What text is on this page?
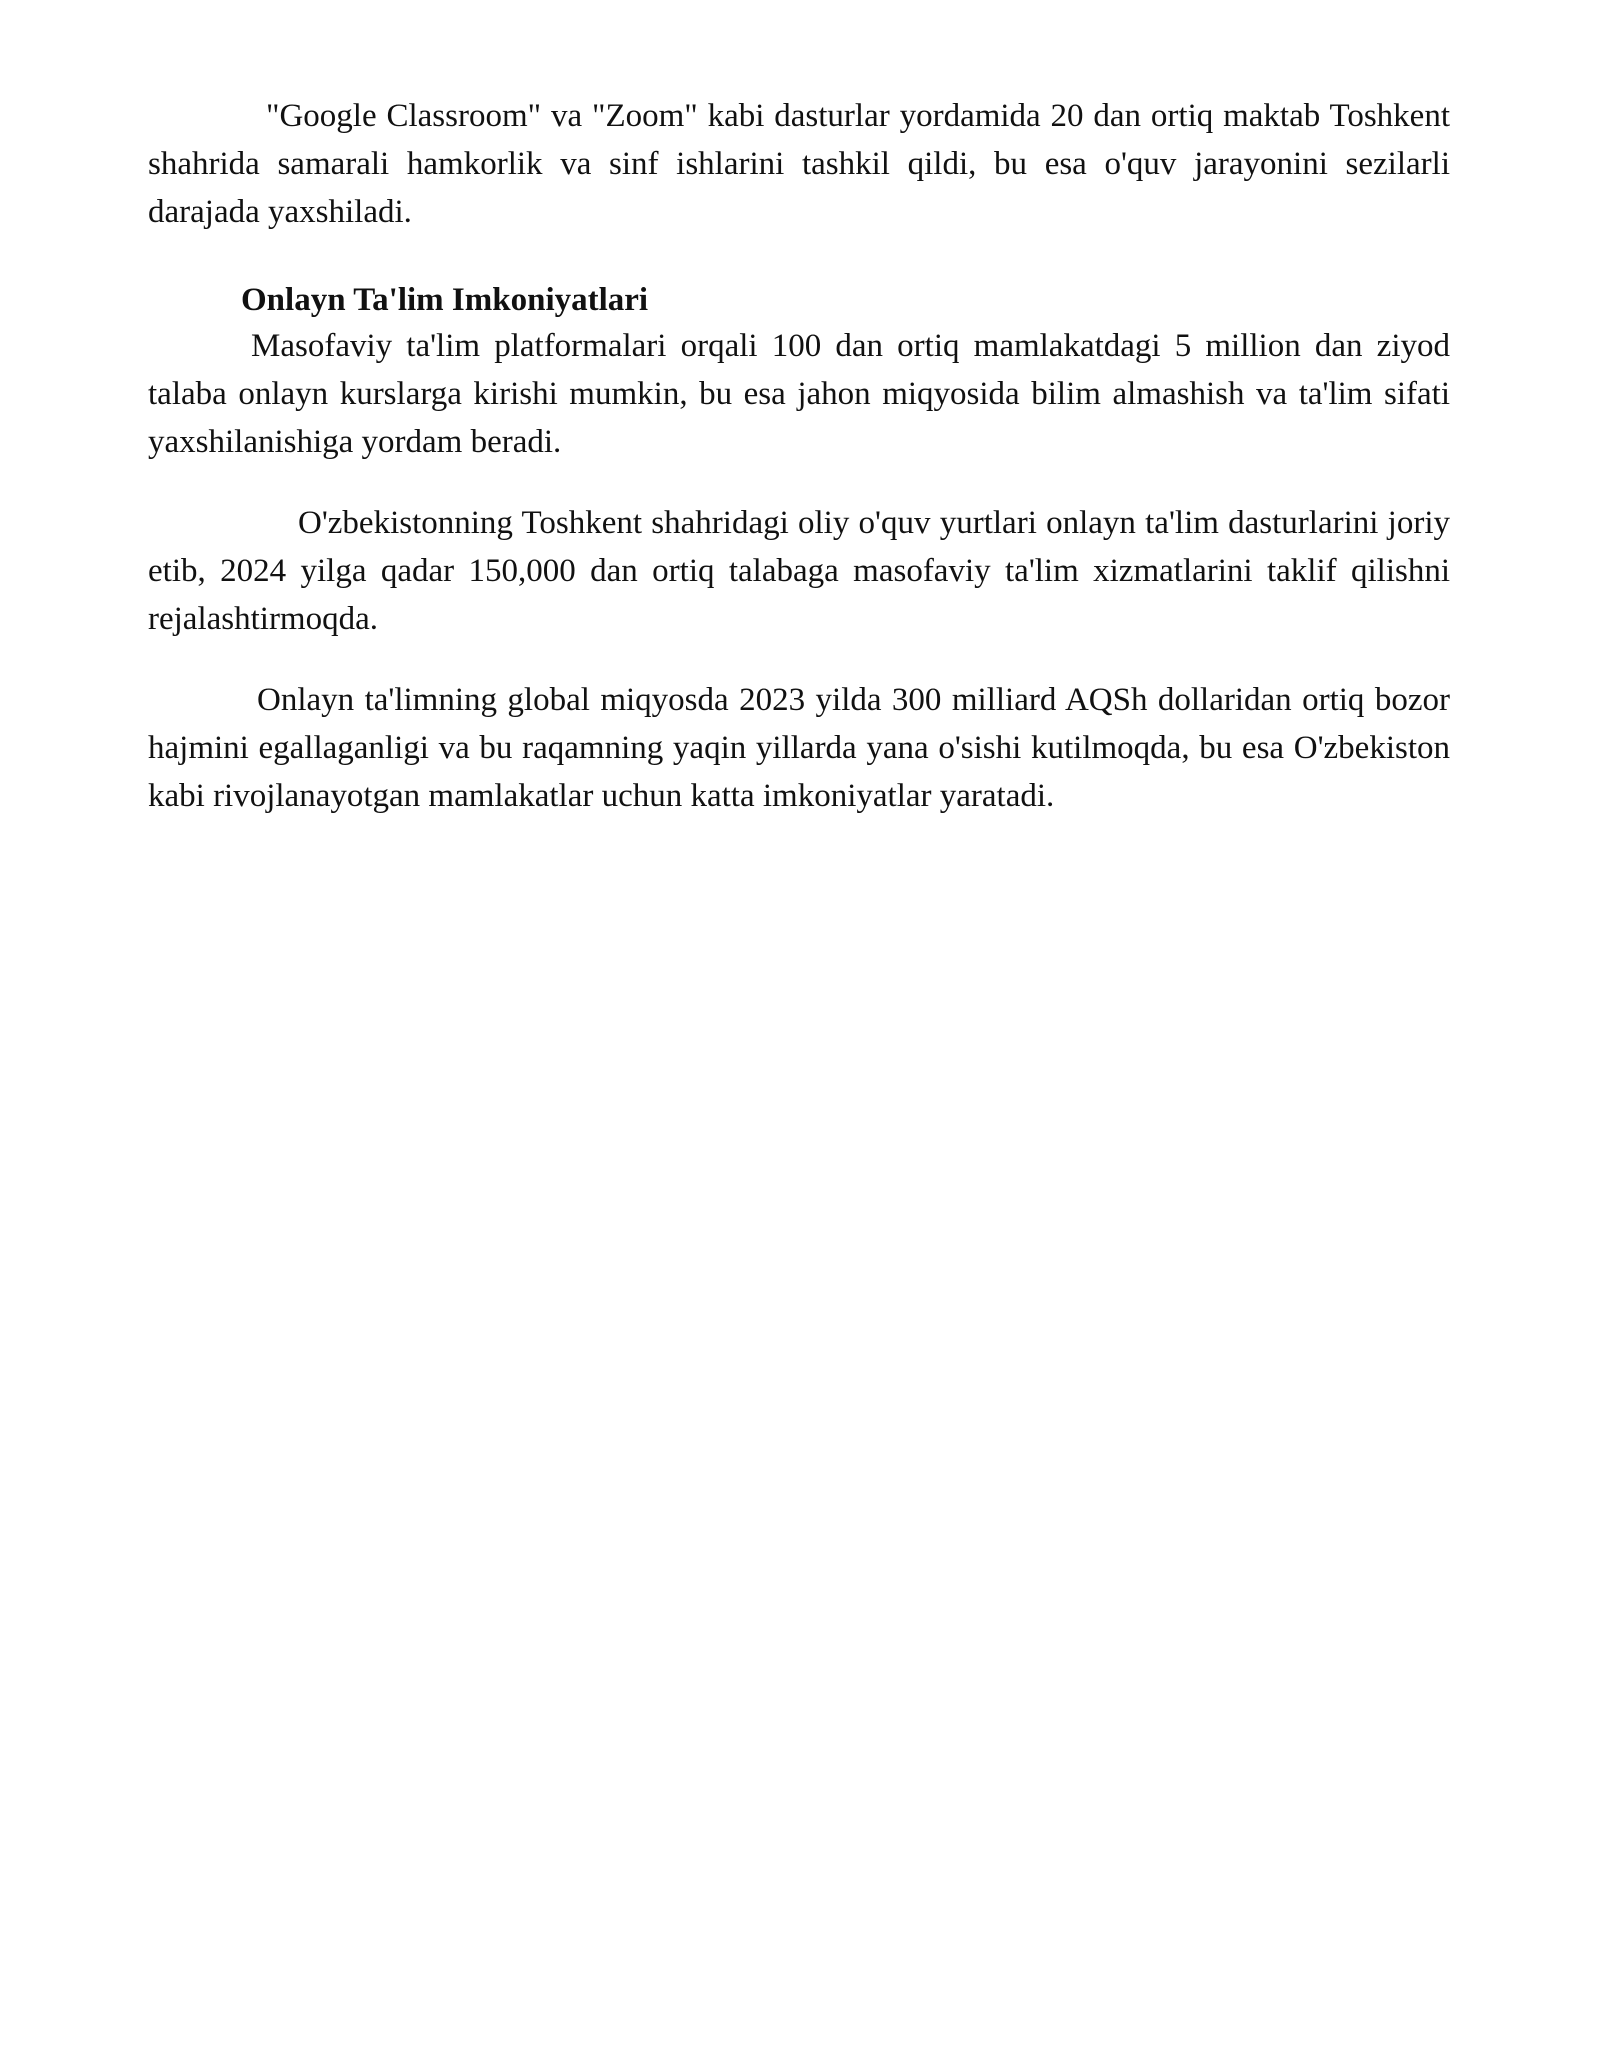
"Google Classroom" va "Zoom" kabi dasturlar yordamida 20 dan ortiq maktab Toshkent shahrida samarali hamkorlik va sinf ishlarini tashkil qildi, bu esa o'quv jarayonini sezilarli darajada yaxshiladi.

Onlayn Ta'lim Imkoniyatlari

Masofaviy ta'lim platformalari orqali 100 dan ortiq mamlakatdagi 5 million dan ziyod talaba onlayn kurslarga kirishi mumkin, bu esa jahon miqyosida bilim almashish va ta'lim sifati yaxshilanishiga yordam beradi.

O'zbekistonning Toshkent shahridagi oliy o'quv yurtlari onlayn ta'lim dasturlarini joriy etib, 2024 yilga qadar 150,000 dan ortiq talabaga masofaviy ta'lim xizmatlarini taklif qilishni rejalashtirmoqda.

Onlayn ta'limning global miqyosda 2023 yilda 300 milliard AQSh dollaridan ortiq bozor hajmini egallaganligi va bu raqamning yaqin yillarda yana o'sishi kutilmoqda, bu esa O'zbekiston kabi rivojlanayotgan mamlakatlar uchun katta imkoniyatlar yaratadi.
